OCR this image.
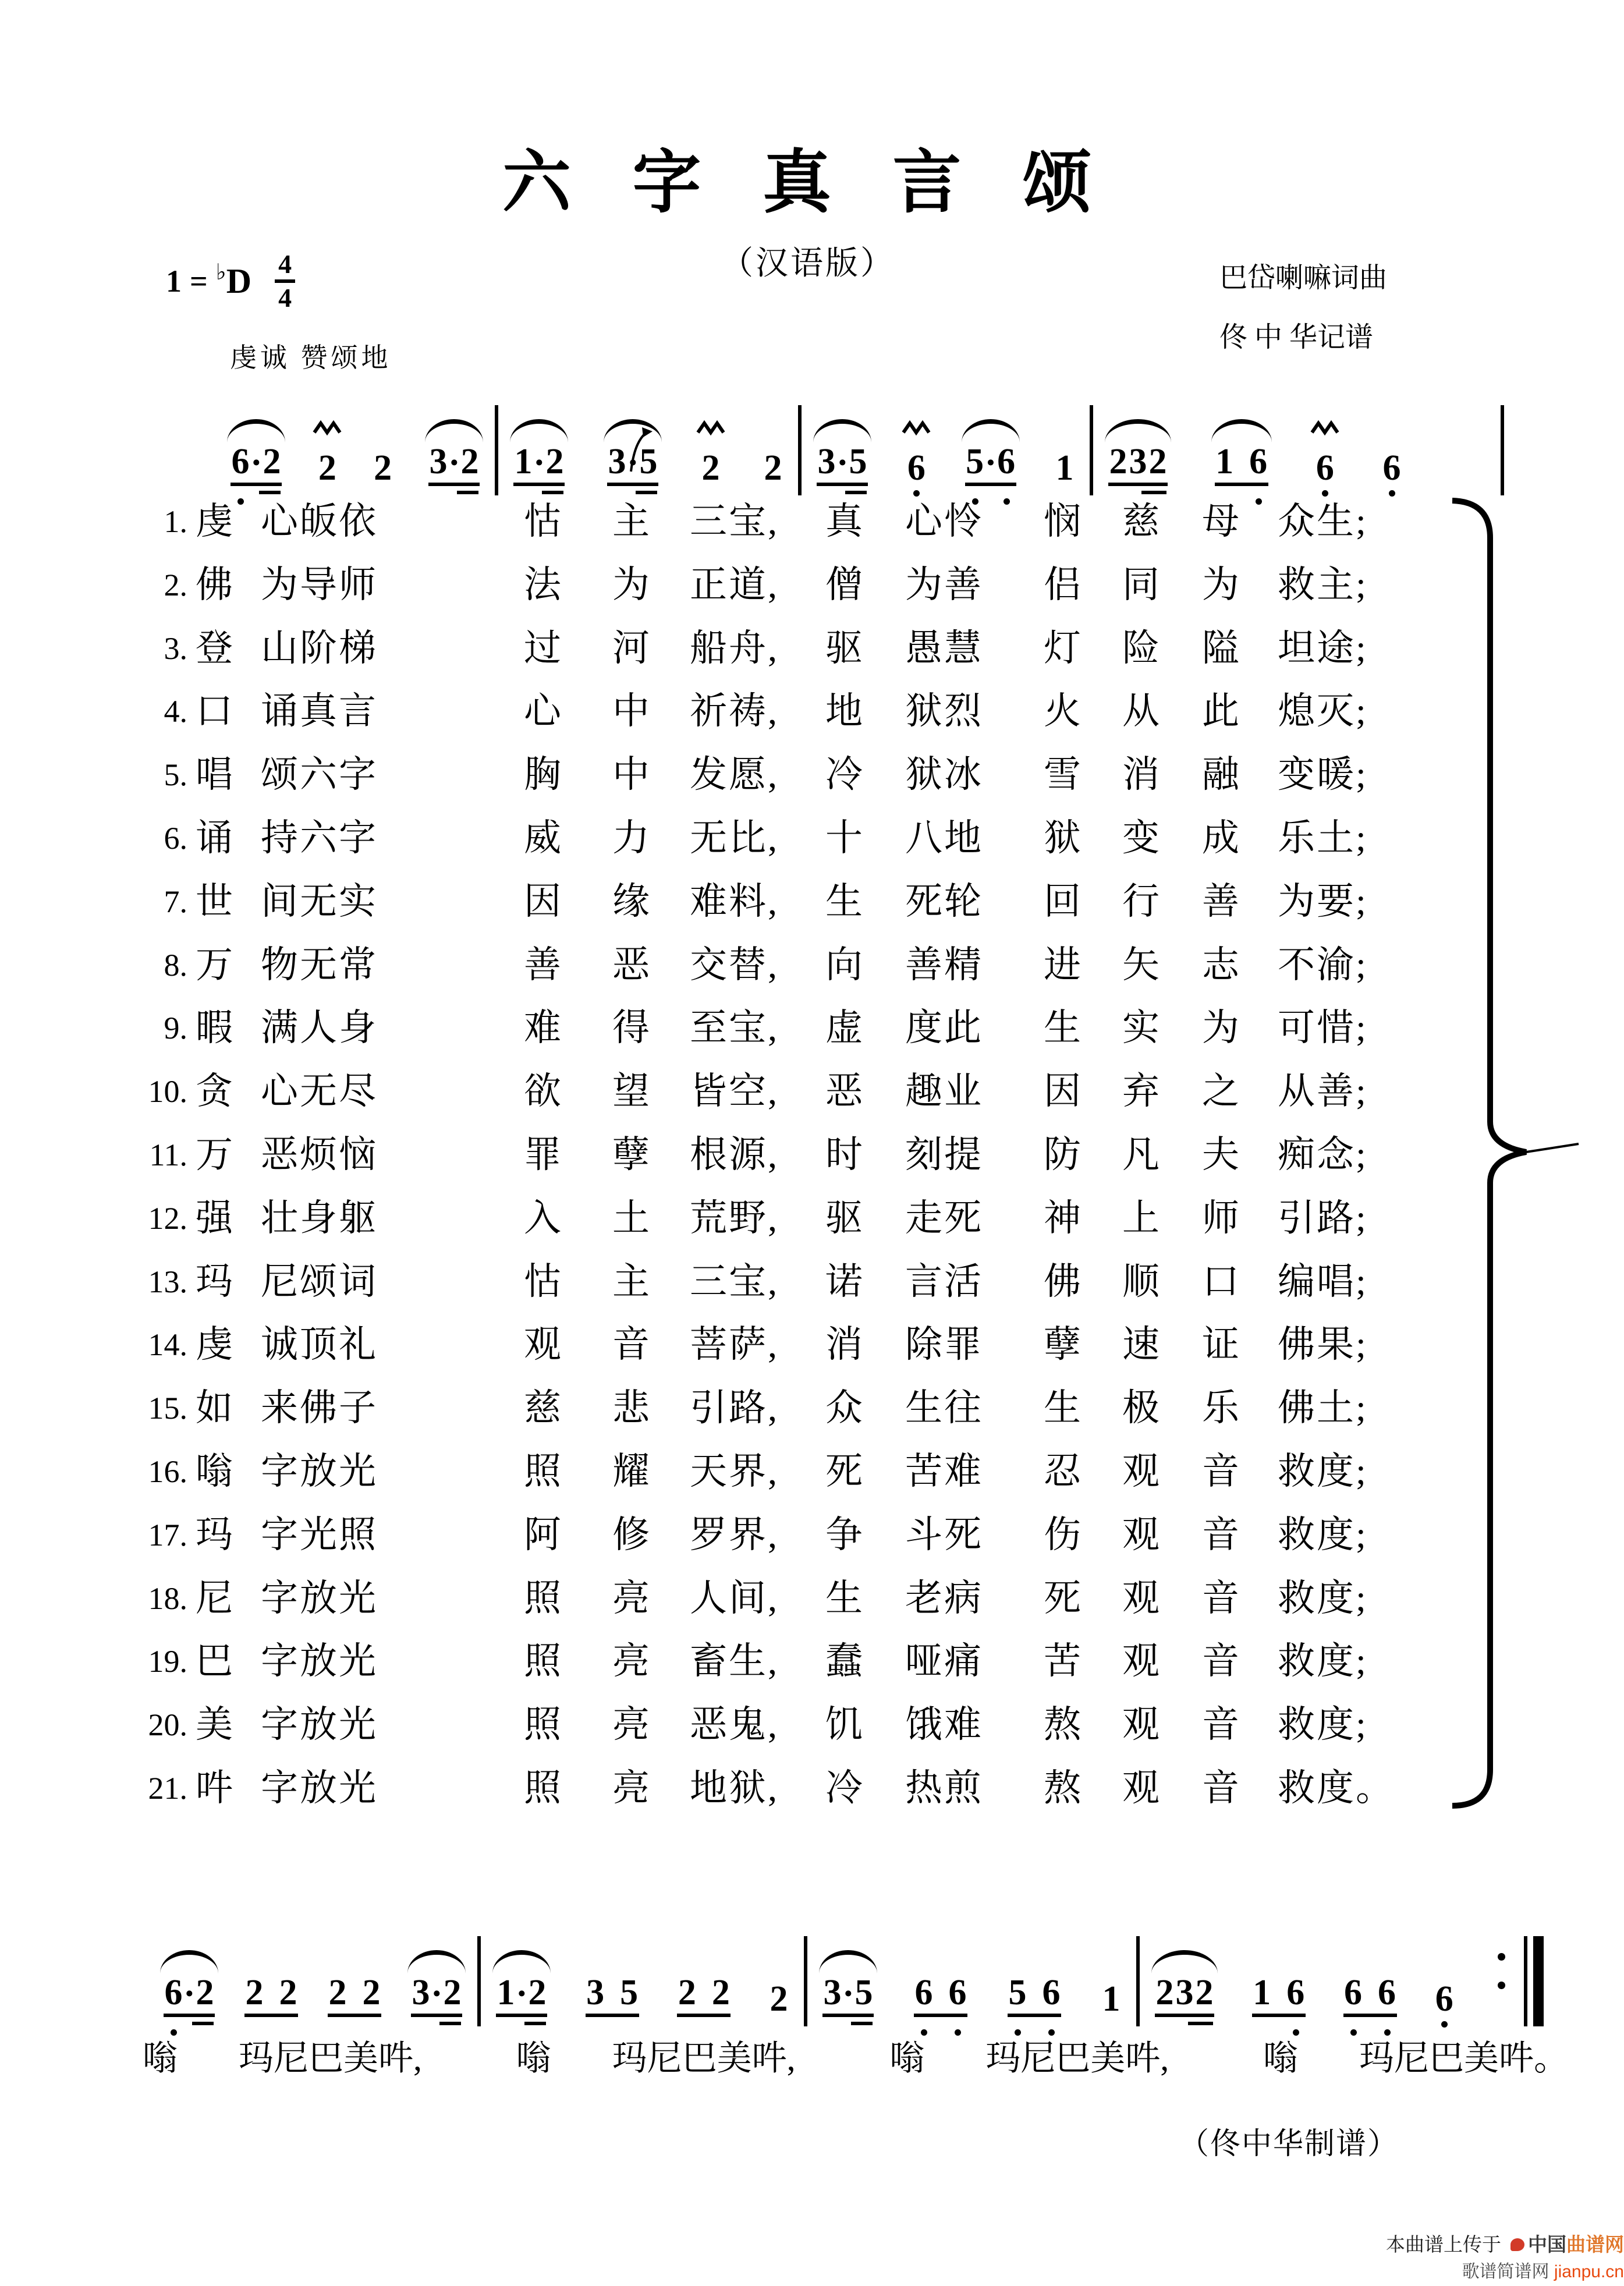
六 字 真 言 颂
（汉语版）
1 = ♭ D 4
4
虔诚 赞颂地
巴岱喇嘛词曲
佟 中 华记谱
6 · 2 2 2 3 · 2 1 · 2 3 · 5 2 2 3 · 5 6 5 · 6 1 2 3 2 1 6 6 6
1. 虔 心皈依	怙 主 三宝, 真 心怜 悯 慈 母 众生;
2. 佛 为导师	法 为 正道, 僧 为善 侣 同 为 救主;
3. 登 山阶梯	过 河 船舟, 驱 愚慧 灯 险 隘 坦途;
4. 口 诵真言	心 中 祈祷, 地 狱烈 火 从 此 熄灭;
5. 唱 颂六字	胸 中 发愿, 冷 狱冰 雪 消 融 变暖;
6. 诵 持六字	威 力 无比, 十 八地 狱 变 成 乐土;
7. 世 间无实	因 缘 难料, 生 死轮 回 行 善 为要;
8. 万 物无常	善 恶 交替, 向 善精 进 矢 志 不渝;
9. 暇 满人身	难 得 至宝, 虚 度此 生 实 为 可惜;
10. 贪 心无尽	欲 望 皆空, 恶 趣业 因 弃 之 从善;
11. 万 恶烦恼	罪 孽 根源, 时 刻提 防 凡 夫 痴念;
12. 强 壮身躯	入 土 荒野, 驱 走死 神 上 师 引路;
13. 玛 尼颂词	怙 主 三宝, 诺 言活 佛 顺 口 编唱;
14. 虔 诚顶礼	观 音 菩萨, 消 除罪 孽 速 证 佛果;
15. 如 来佛子	慈 悲 引路, 众 生往 生 极 乐 佛土;
16. 嗡 字放光	照 耀 天界, 死 苦难 忍 观 音 救度;
17. 玛 字光照	阿 修 罗界, 争 斗死 伤 观 音 救度;
18. 尼 字放光	照 亮 人间, 生 老病 死 观 音 救度;
19. 巴 字放光	照 亮 畜生, 蠢 哑痛 苦 观 音 救度;
20. 美 字放光	照 亮 恶鬼, 饥 饿难 熬 观 音 救度;
21. 吽 字放光	照 亮 地狱, 冷 热煎 熬 观 音 救度。
6 · 2 2 2 2 2 3 · 2 1 · 2 3 5 2 2 2 3 · 5 6 6 5 6 1 2 3 2 1 6 6 6 6
嗡 玛尼巴美吽,	嗡 玛尼巴美吽,	嗡 玛尼巴美吽,	嗡 玛尼巴美吽。
（佟中华制谱）
本曲谱上传于 中国曲谱网
歌谱简谱网 jianpu.cn
